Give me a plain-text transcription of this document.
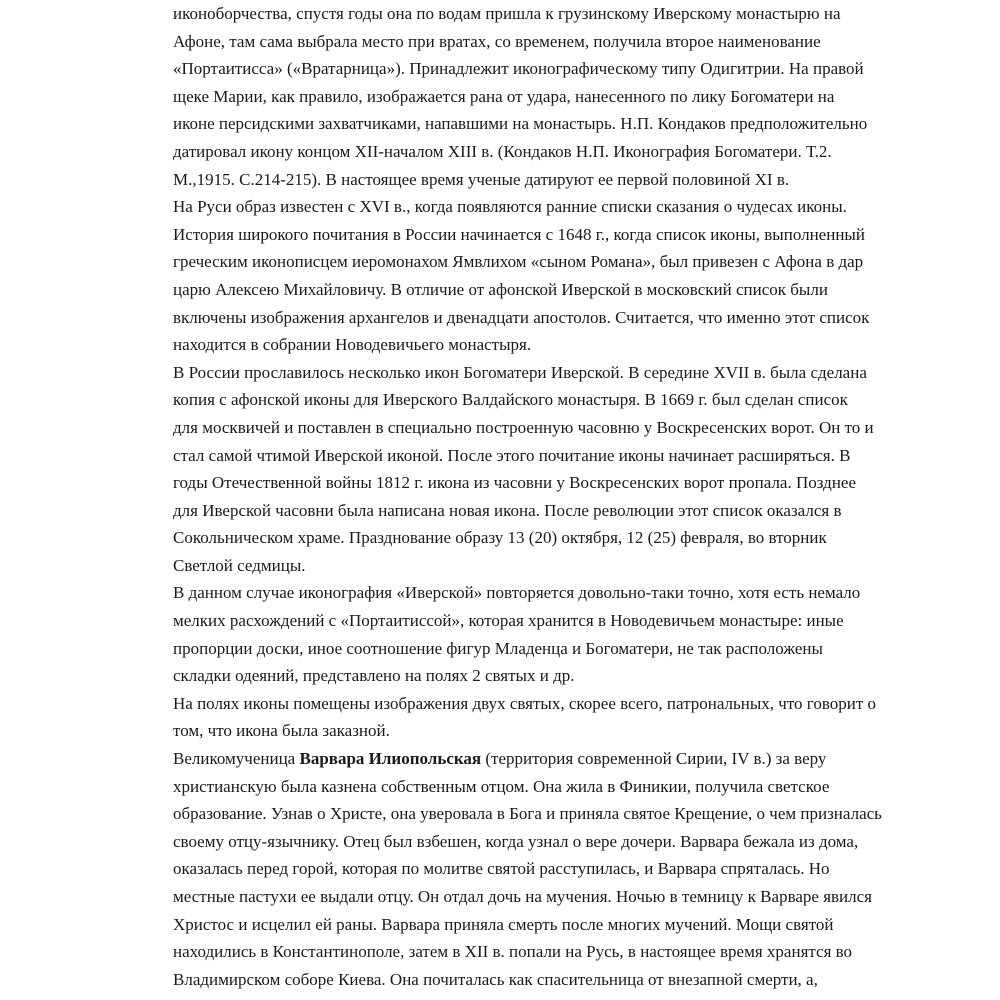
иконоборчества, спустя годы она по водам пришла к грузинскому Иверскому монастырю на
Афоне, там сама выбрала место при вратах, со временем, получила второе наименование
«Портаитисса» («Вратарница»). Принадлежит иконографическому типу Одигитрии. На правой
щеке Марии, как правило, изображается рана от удара, нанесенного по лику Богоматери на
иконе персидскими захватчиками, напавшими на монастырь. Н.П. Кондаков предположительно
датировал икону концом XII-началом XIII в. (Кондаков Н.П. Иконография Богоматери. Т.2.
М.,1915. С.214-215). В настоящее время ученые датируют ее первой половиной XI в.
На Руси образ известен с XVI в., когда появляются ранние списки сказания о чудесах иконы.
История широкого почитания в России начинается с 1648 г., когда список иконы, выполненный
греческим иконописцем иеромонахом Ямвлихом «сыном Романа», был привезен с Афона в дар
царю Алексею Михайловичу. В отличие от афонской Иверской в московский список были
включены изображения архангелов и двенадцати апостолов. Считается, что именно этот список
находится в собрании Новодевичьего монастыря.
В России прославилось несколько икон Богоматери Иверской. В середине XVII в. была сделана
копия с афонской иконы для Иверского Валдайского монастыря. В 1669 г. был сделан список
для москвичей и поставлен в специально построенную часовню у Воскресенских ворот. Он то и
стал самой чтимой Иверской иконой. После этого почитание иконы начинает расширяться. В
годы Отечественной войны 1812 г. икона из часовни у Воскресенских ворот пропала. Позднее
для Иверской часовни была написана новая икона. После революции этот список оказался в
Сокольническом храме. Празднование образу 13 (20) октября, 12 (25) февраля, во вторник
Светлой седмицы.
В данном случае иконография «Иверской» повторяется довольно-таки точно, хотя есть немало
мелких расхождений с «Портаитиссой», которая хранится в Новодевичьем монастыре: иные
пропорции доски, иное соотношение фигур Младенца и Богоматери, не так расположены
складки одеяний, представлено на полях 2 святых и др.
На полях иконы помещены изображения двух святых, скорее всего, патрональных, что говорит о
том, что икона была заказной.
Великомученица Варвара Илиопольская (территория современной Сирии, IV в.) за веру
христианскую была казнена собственным отцом. Она жила в Финикии, получила светское
образование. Узнав о Христе, она уверовала в Бога и приняла святое Крещение, о чем призналась
своему отцу-язычнику. Отец был взбешен, когда узнал о вере дочери. Варвара бежала из дома,
оказалась перед горой, которая по молитве святой расступилась, и Варвара спряталась. Но
местные пастухи ее выдали отцу. Он отдал дочь на мучения. Ночью в темницу к Варваре явился
Христос и исцелил ей раны. Варвара приняла смерть после многих мучений. Мощи святой
находились в Константинополе, затем в XII в. попали на Русь, в настоящее время хранятся во
Владимирском соборе Киева. Она почиталась как спасительница от внезапной смерти, а,
